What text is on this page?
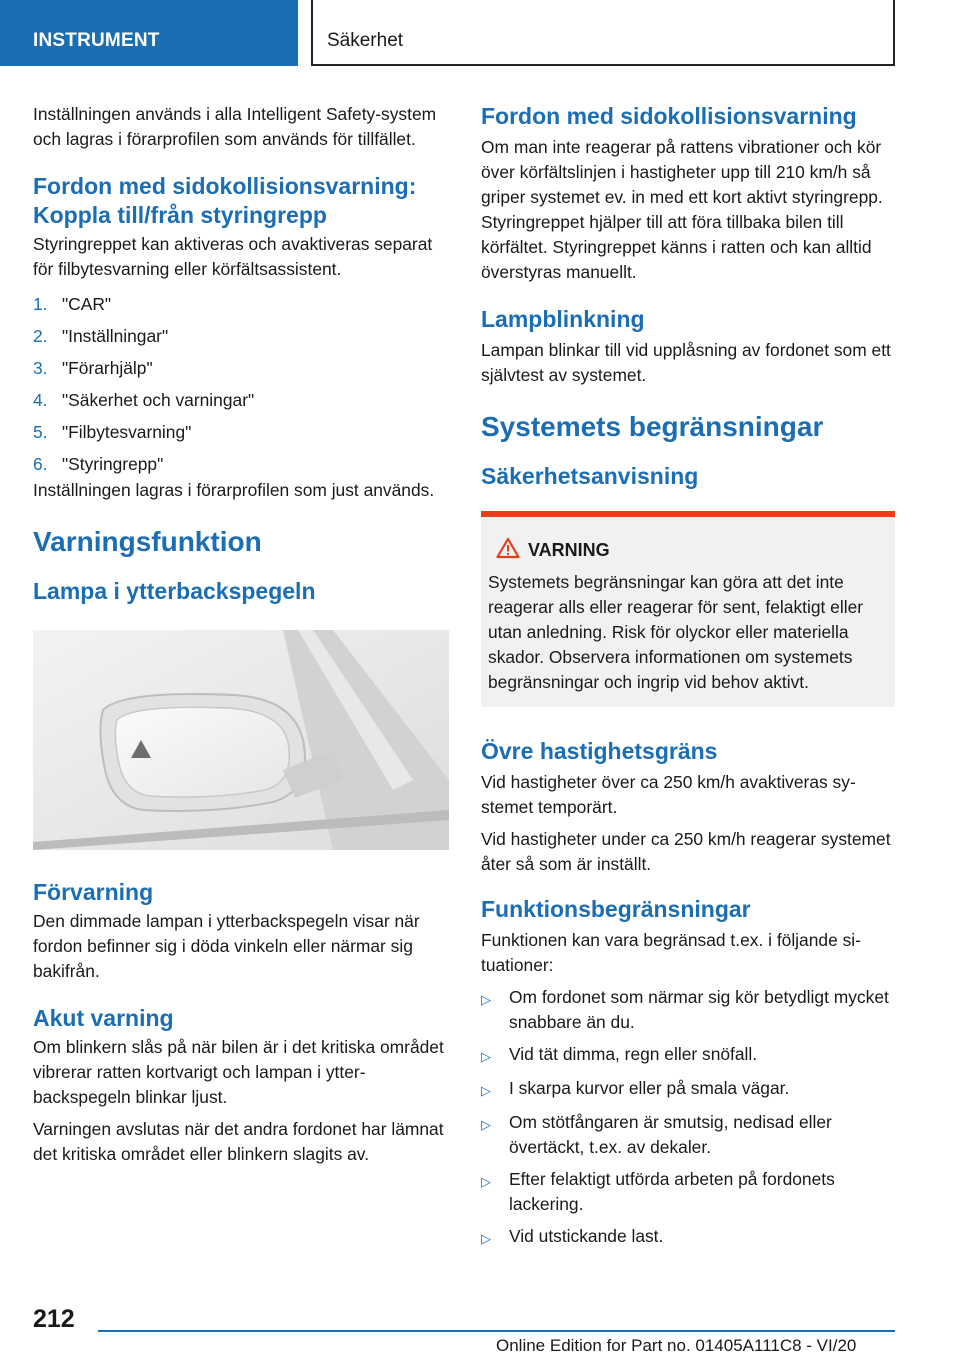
INSTRUMENT	Säkerhet

Inställningen används i alla Intelligent Safety-system och lagras i förarprofilen som används för tillfället.

Fordon med sidokollisionsvarning: Koppla till/från styringrepp

Styringreppet kan aktiveras och avaktiveras separat för filbytesvarning eller körfältsassistent.

1. "CAR"
2. "Inställningar"
3. "Förarhjälp"
4. "Säkerhet och varningar"
5. "Filbytesvarning"
6. "Styringrepp"

Inställningen lagras i förarprofilen som just används.

Varningsfunktion
Lampa i ytterbackspegeln
Förvarning

Den dimmade lampan i ytterbackspegeln visar när fordon befinner sig i döda vinkeln eller närmar sig bakifrån.

Akut varning

Om blinkern slås på när bilen är i det kritiska området vibrerar ratten kortvarigt och lampan i ytterbackspegeln blinkar ljust.

Varningen avslutas när det andra fordonet har lämnat det kritiska området eller blinkern slagits av.

Fordon med sidokollisionsvarning

Om man inte reagerar på rattens vibrationer och kör över körfältslinjen i hastigheter upp till 210 km/h så griper systemet ev. in med ett kort aktivt styringrepp. Styringreppet hjälper till att föra tillbaka bilen till körfältet. Styringreppet känns i ratten och kan alltid överstyras manuellt.

Lampblinkning

Lampan blinkar till vid upplåsning av fordonet som ett självtest av systemet.

Systemets begränsningar
Säkerhetsanvisning
VARNING

Systemets begränsningar kan göra att det inte reagerar alls eller reagerar för sent, felaktigt eller utan anledning. Risk för olyckor eller materiella skador. Observera informationen om systemets begränsningar och ingrip vid behov aktivt.

Övre hastighetsgräns

Vid hastigheter över ca 250 km/h avaktiveras systemet temporärt.

Vid hastigheter under ca 250 km/h reagerar systemet åter så som är inställt.

Funktionsbegränsningar

Funktionen kan vara begränsad t.ex. i följande situationer:

▷	Om fordonet som närmar sig kör betydligt mycket snabbare än du.
▷	Vid tät dimma, regn eller snöfall.
▷	I skarpa kurvor eller på smala vägar.
▷	Om stötfångaren är smutsig, nedisad eller övertäckt, t.ex. av dekaler.
▷	Efter felaktigt utförda arbeten på fordonets lackering.
▷	Vid utstickande last.
212
Online Edition for Part no. 01405A111C8 - VI/20
